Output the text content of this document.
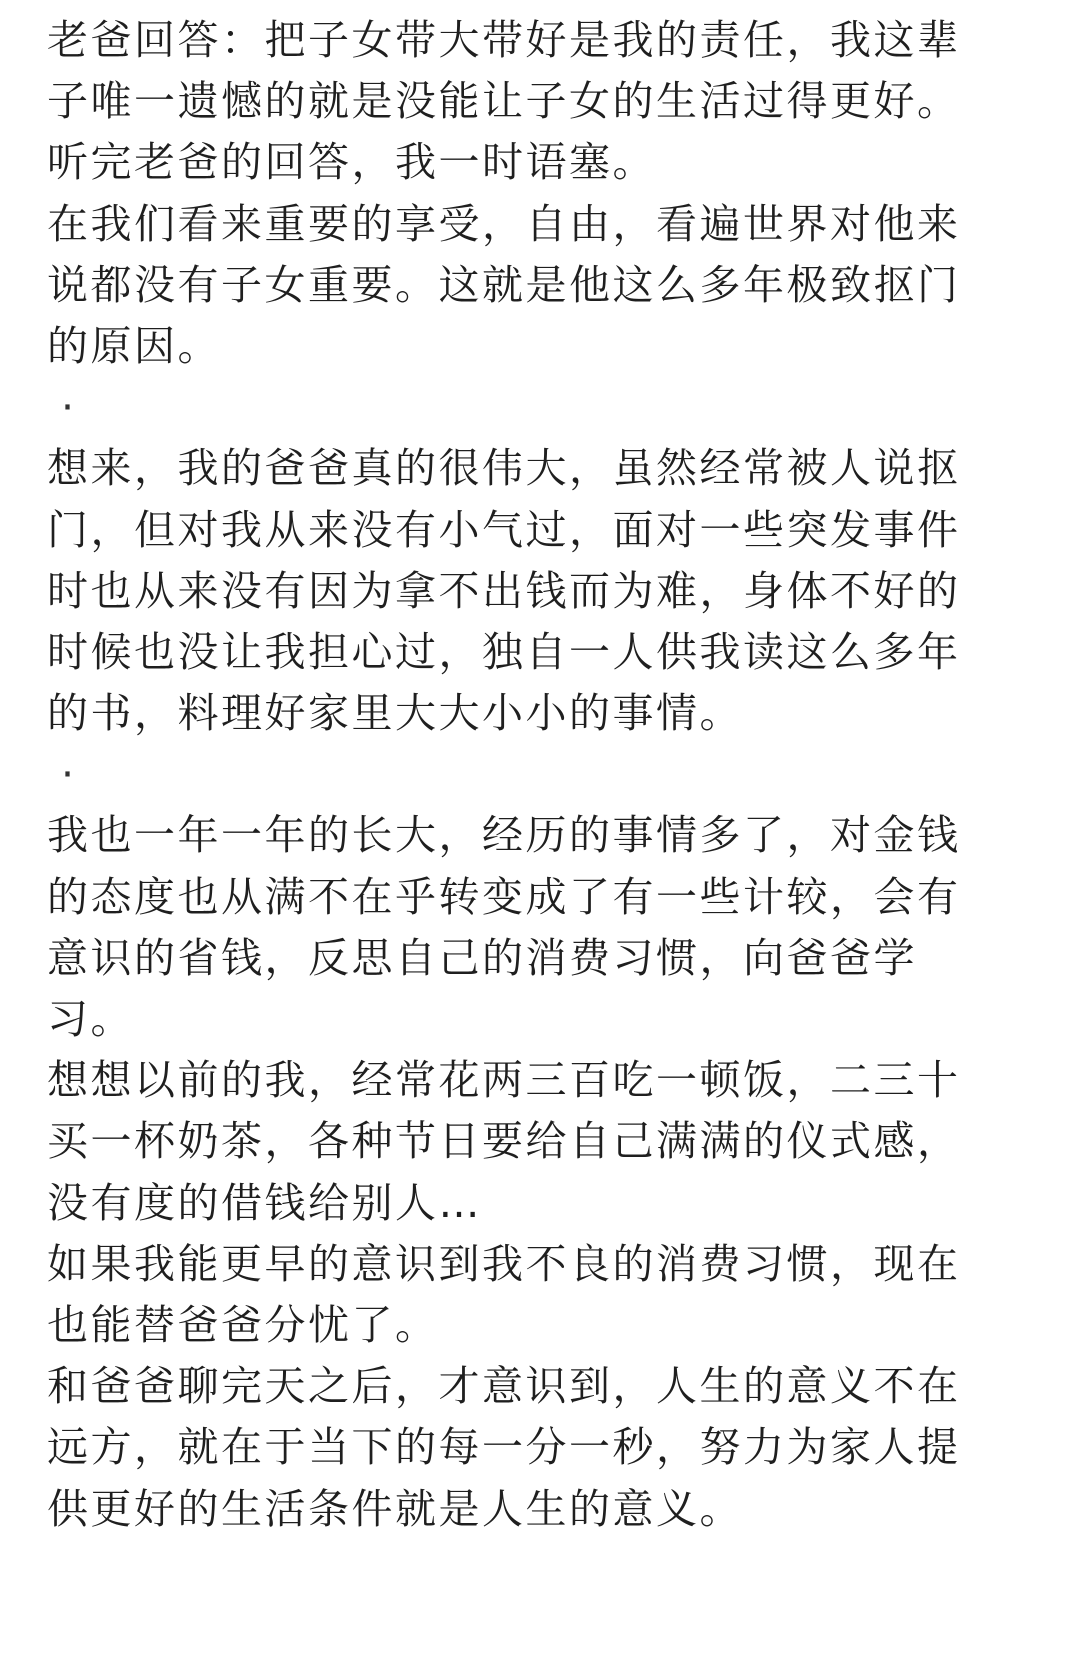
老爸回答：把子女带大带好是我的责任，我这辈
子唯一遗憾的就是没能让子女的生活过得更好。

听完老爸的回答，我一时语塞。

在我们看来重要的享受，自由，看遍世界对他来
说都没有子女重要。这就是他这么多年极致抠门
的原因。

·

想来，我的爸爸真的很伟大，虽然经常被人说抠
门，但对我从来没有小气过，面对一些突发事件
时也从来没有因为拿不出钱而为难，身体不好的
时候也没让我担心过，独自一人供我读这么多年
的书，料理好家里大大小小的事情。

·

我也一年一年的长大，经历的事情多了，对金钱
的态度也从满不在乎转变成了有一些计较，会有
意识的省钱，反思自己的消费习惯，向爸爸学
习。

想想以前的我，经常花两三百吃一顿饭，二三十
买一杯奶茶，各种节日要给自己满满的仪式感，
没有度的借钱给别人…

如果我能更早的意识到我不良的消费习惯，现在
也能替爸爸分忧了。

和爸爸聊完天之后，才意识到，人生的意义不在
远方，就在于当下的每一分一秒，努力为家人提
供更好的生活条件就是人生的意义。
